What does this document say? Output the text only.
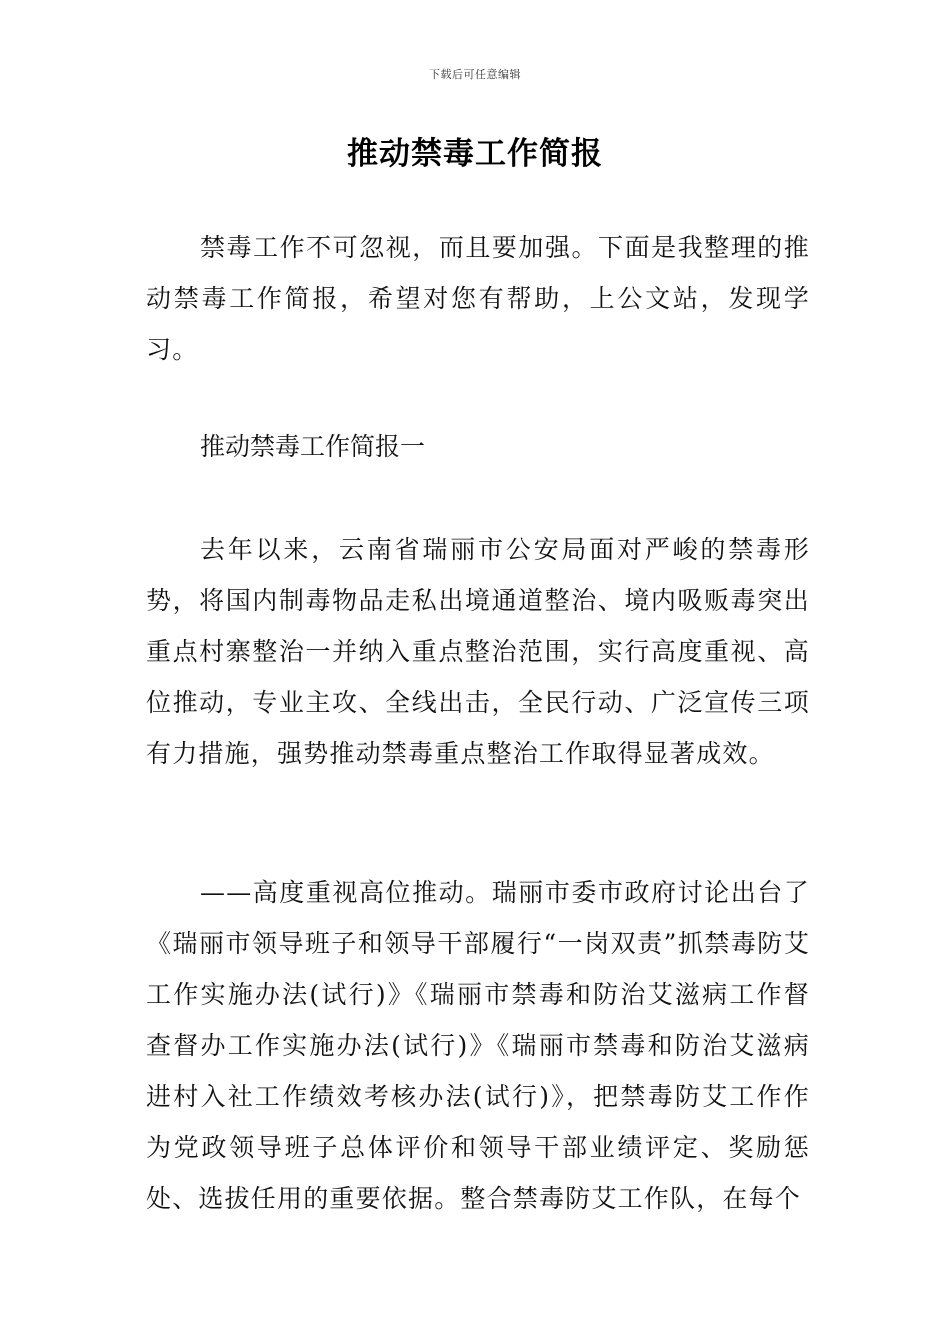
下载后可任意编辑
推动禁毒工作简报

禁毒工作不可忽视，而且要加强。下面是我整理的推动禁毒工作简报，希望对您有帮助，上公文站，发现学习。

推动禁毒工作简报一

去年以来，云南省瑞丽市公安局面对严峻的禁毒形势，将国内制毒物品走私出境通道整治、境内吸贩毒突出重点村寨整治一并纳入重点整治范围，实行高度重视、高位推动，专业主攻、全线出击，全民行动、广泛宣传三项有力措施，强势推动禁毒重点整治工作取得显著成效。

——高度重视高位推动。瑞丽市委市政府讨论出台了《瑞丽市领导班子和领导干部履行“一岗双责”抓禁毒防艾工作实施办法(试行)》《瑞丽市禁毒和防治艾滋病工作督查督办工作实施办法(试行)》《瑞丽市禁毒和防治艾滋病进村入社工作绩效考核办法(试行)》，把禁毒防艾工作作为党政领导班子总体评价和领导干部业绩评定、奖励惩处、选拔任用的重要依据。整合禁毒防艾工作队，在每个
